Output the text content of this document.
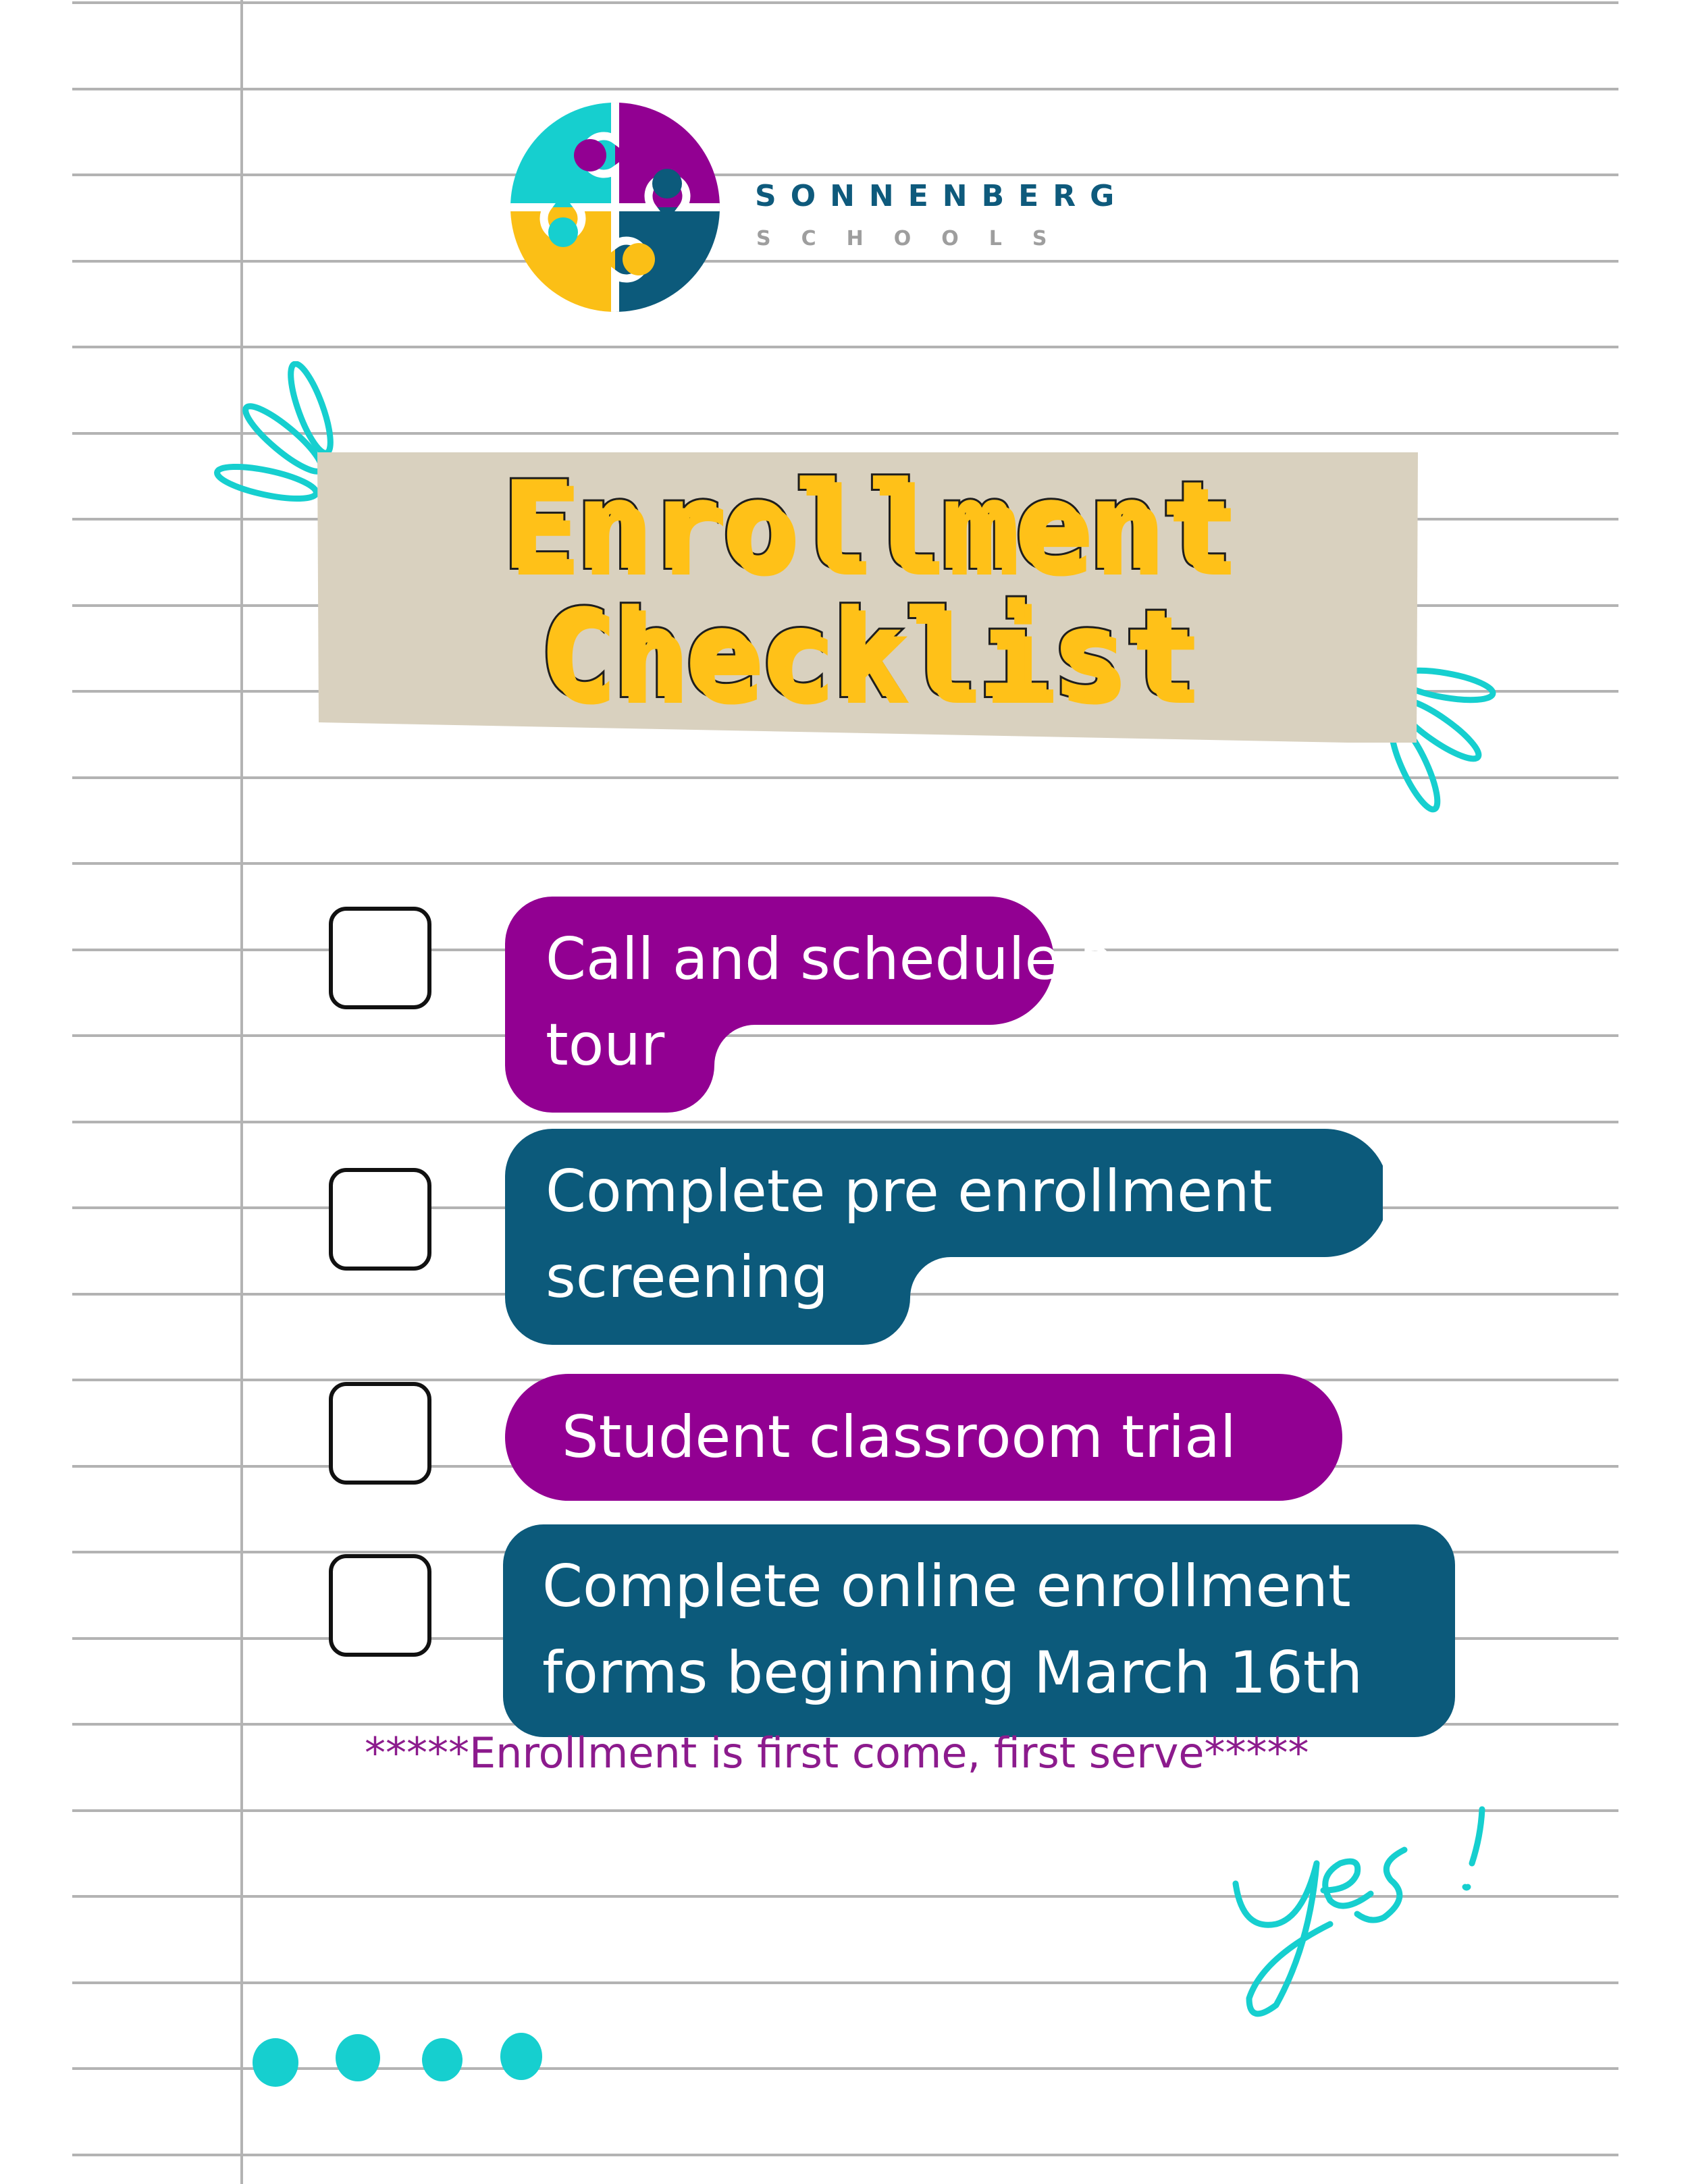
SONNENBERG
SCHOOLS
Enrollment
Checklist
Call and schedule a
tour
Complete pre enrollment
screening
Student classroom trial
Complete online enrollment
forms beginning March 16th
*****Enrollment is first come, first serve*****
